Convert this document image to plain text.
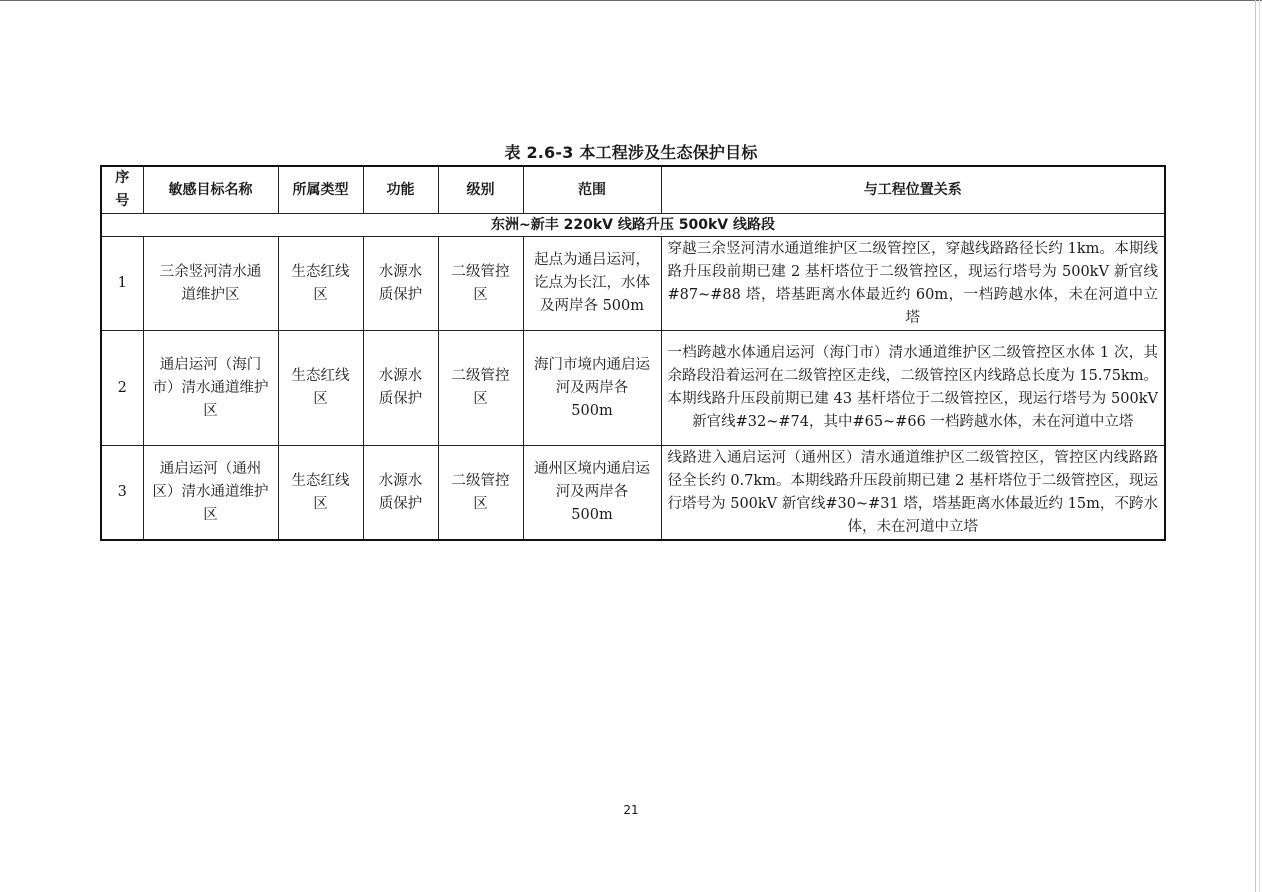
表 2.6-3 本工程涉及生态保护目标
序号	敏感目标名称	所属类型	功能	级别	范围	与工程位置关系
东洲~新丰 220kV 线路升压 500kV 线路段						
1	三余竖河清水通道维护区	生态红线区	水源水质保护	二级管控区	起点为通吕运河，讫点为长江，水体及两岸各 500m	穿越三余竖河清水通道维护区二级管控区，穿越线路路径长约 1km。本期线路升压段前期已建 2 基杆塔位于二级管控区，现运行塔号为 500kV 新官线#87~#88 塔，塔基距离水体最近约 60m，一档跨越水体，未在河道中立塔
2	通启运河（海门市）清水通道维护区	生态红线区	水源水质保护	二级管控区	海门市境内通启运河及两岸各 500m	一档跨越水体通启运河（海门市）清水通道维护区二级管控区水体 1 次，其余路段沿着运河在二级管控区走线，二级管控区内线路总长度为 15.75km。本期线路升压段前期已建 43 基杆塔位于二级管控区，现运行塔号为 500kV 新官线#32~#74，其中#65~#66 一档跨越水体，未在河道中立塔
3	通启运河（通州区）清水通道维护区	生态红线区	水源水质保护	二级管控区	通州区境内通启运河及两岸各 500m	线路进入通启运河（通州区）清水通道维护区二级管控区，管控区内线路路径全长约 0.7km。本期线路升压段前期已建 2 基杆塔位于二级管控区，现运行塔号为 500kV 新官线#30~#31 塔，塔基距离水体最近约 15m，不跨水体，未在河道中立塔
21
